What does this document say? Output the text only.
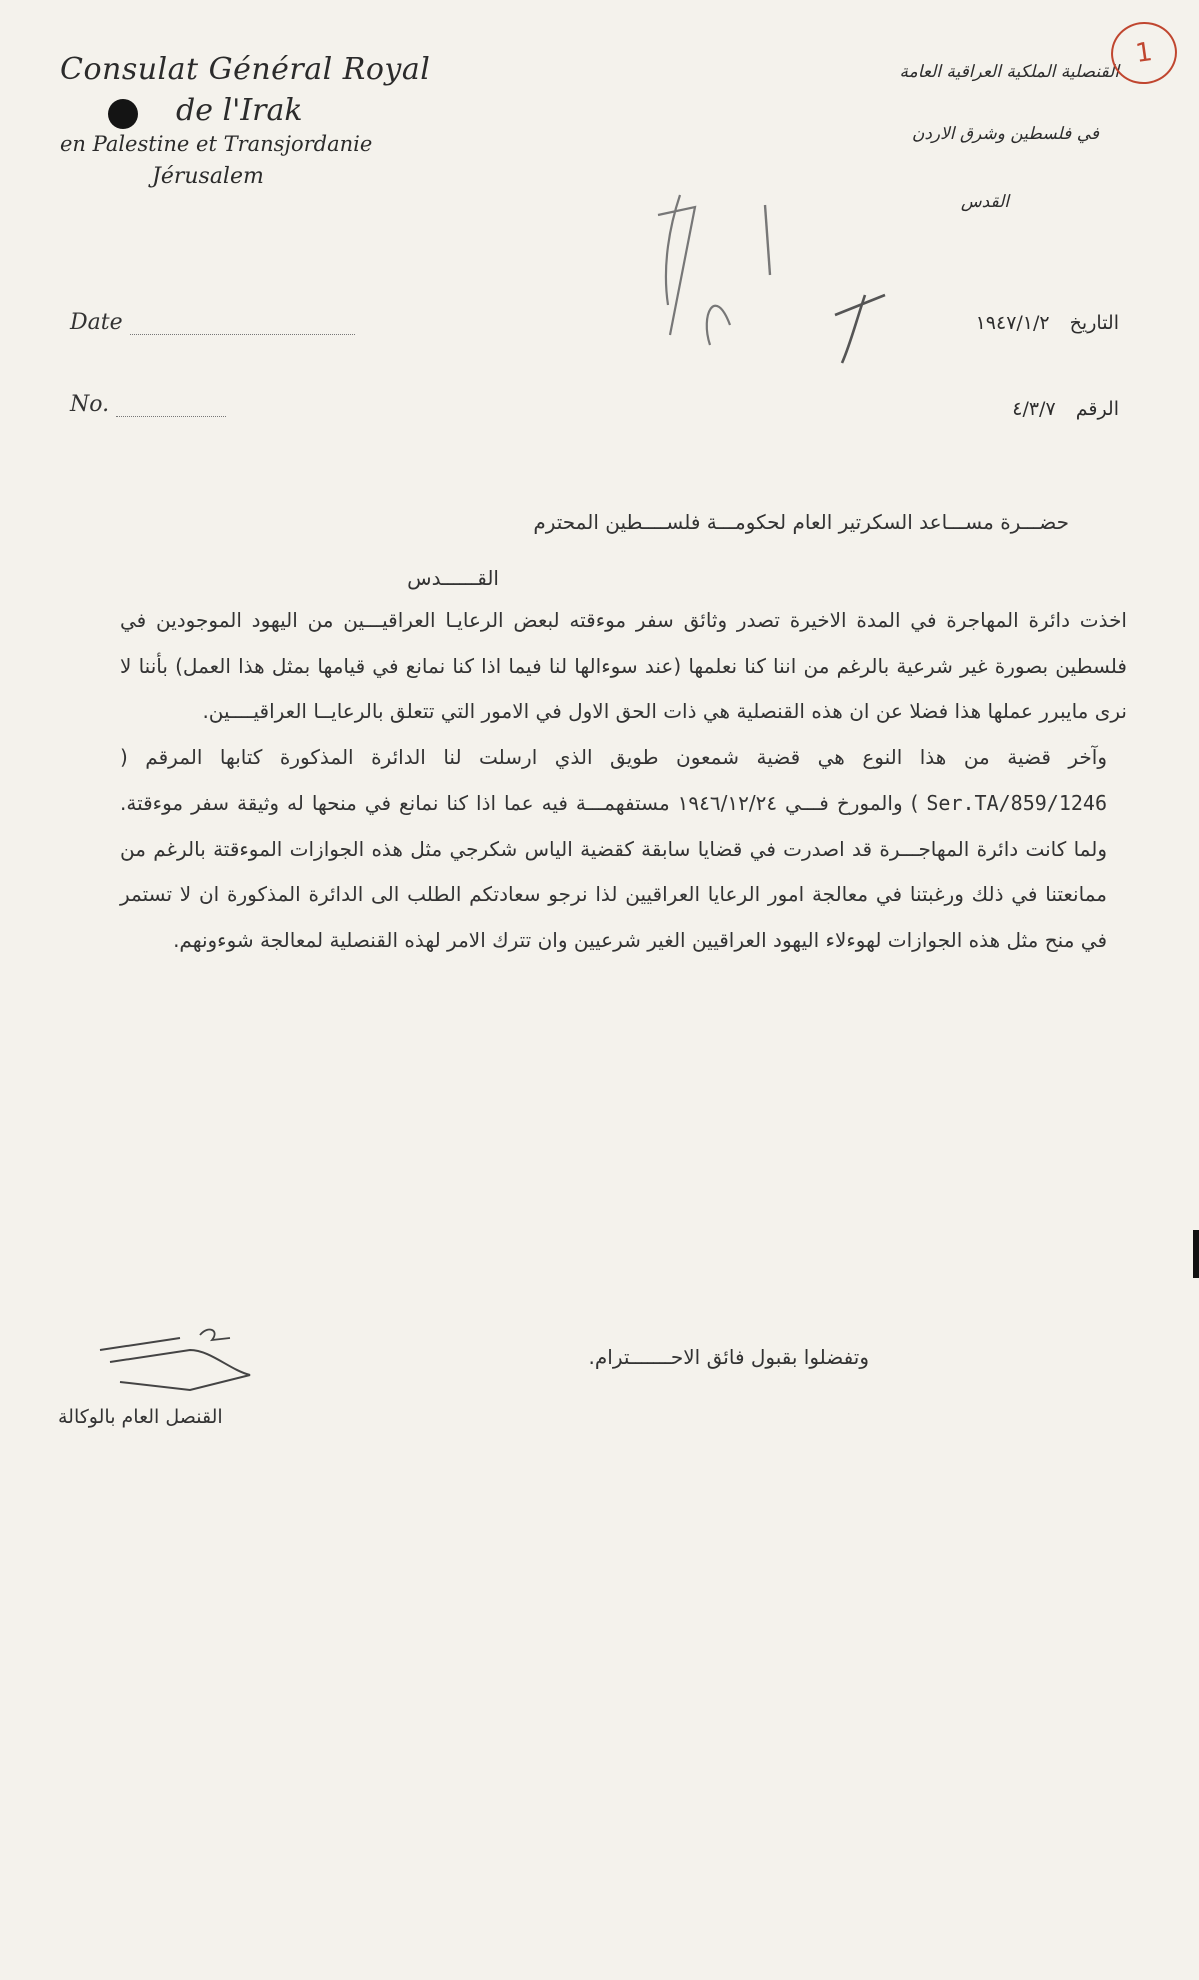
Consulat Général Royal
de l'Irak
en Palestine et Transjordanie
Jérusalem
Date
No.
القنصلية الملكية العراقية العامة
في فلسطين وشرق الاردن
القدس
1
التاريخ ١٩٤٧/١/٢
الرقم ٤/٣/٧
حضـــرة مســـاعد السكرتير العام لحكومـــة فلســــطين المحترم
القــــــدس

اخذت دائرة المهاجرة في المدة الاخيرة تصدر وثائق سفر موءقته لبعض الرعايـا العراقيـــين من اليهود الموجودين في فلسطين بصورة غير شرعية بالرغم من اننا كنا نعلمها (عند سوءالها لنا فيما اذا كنا نمانع في قيامها بمثل هذا العمل) بأننا لا نرى مايبرر عملها هذا فضلا عن ان هذه القنصلية هي ذات الحق الاول في الامور التي تتعلق بالرعايــا العراقيــــين.

وآخر قضية من هذا النوع هي قضية شمعون طويق الذي ارسلت لنا الدائرة المذكورة كتابها المرقم ( Ser.TA/859/1246 ) والمورخ فـــي ١٩٤٦/١٢/٢٤ مستفهمـــة فيه عما اذا كنا نمانع في منحها له وثيقة سفر موءقتة. ولما كانت دائرة المهاجـــرة قد اصدرت في قضايا سابقة كقضية الياس شكرجي مثل هذه الجوازات الموءقتة بالرغم من ممانعتنا في ذلك ورغبتنا في معالجة امور الرعايا العراقيين لذا نرجو سعادتكم الطلب الى الدائرة المذكورة ان لا تستمر في منح مثل هذه الجوازات لهوءلاء اليهود العراقيين الغير شرعيين وان تترك الامر لهذه القنصلية لمعالجة شوءونهم.

وتفضلوا بقبول فائق الاحـــــــترام.
القنصل العام بالوكالة
